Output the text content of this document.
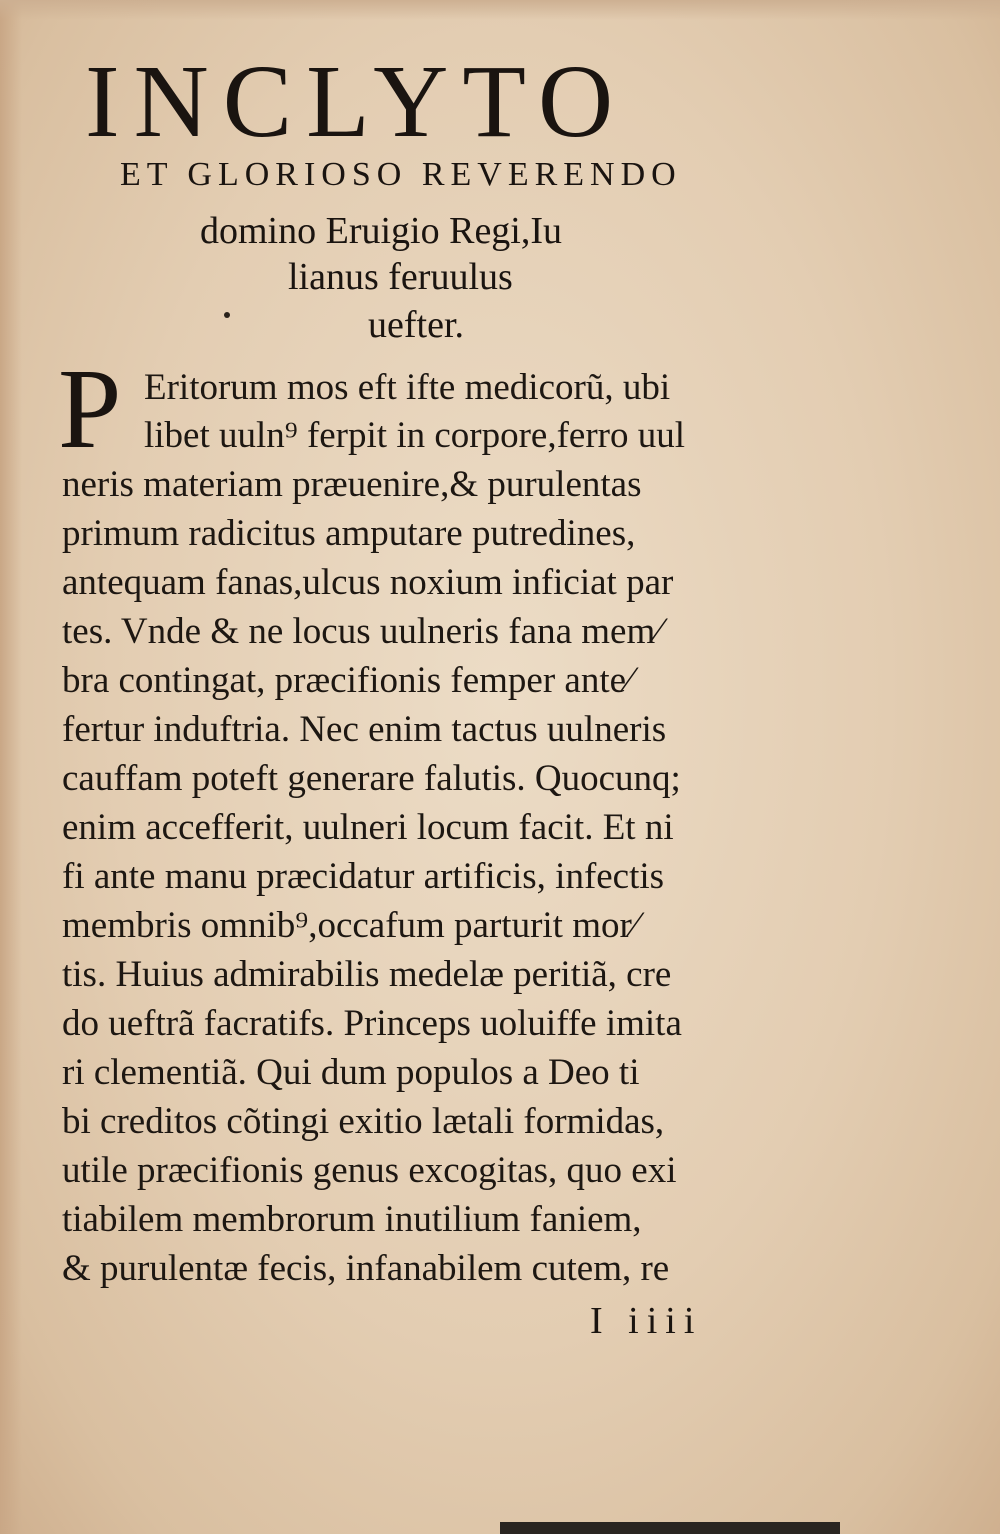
INCLYTO
ET GLORIOSO REVERENDO
domino Eruigio Regi,Iu
lianus feruulus
uefter.
P Eritorum mos eft ifte medicorũ, ubi
libet uuln⁹ ferpit in corpore,ferro uul
neris materiam præuenire,& purulentas
primum radicitus amputare putredines,
antequam fanas,ulcus noxium inficiat par
tes. Vnde & ne locus uulneris fana mem⁄
bra contingat, præcifionis femper ante⁄
fertur induftria. Nec enim tactus uulneris
cauffam poteft generare falutis. Quocunq;
enim accefferit, uulneri locum facit. Et ni
fi ante manu præcidatur artificis, infectis
membris omnib⁹,occafum parturit mor⁄
tis. Huius admirabilis medelæ peritiã, cre
do ueftrã facratifs. Princeps uoluiffe imita
ri clementiã. Qui dum populos a Deo ti
bi creditos cõtingi exitio lætali formidas,
utile præcifionis genus excogitas, quo exi
tiabilem membrorum inutilium faniem,
& purulentæ fecis, infanabilem cutem, re
I iiii
